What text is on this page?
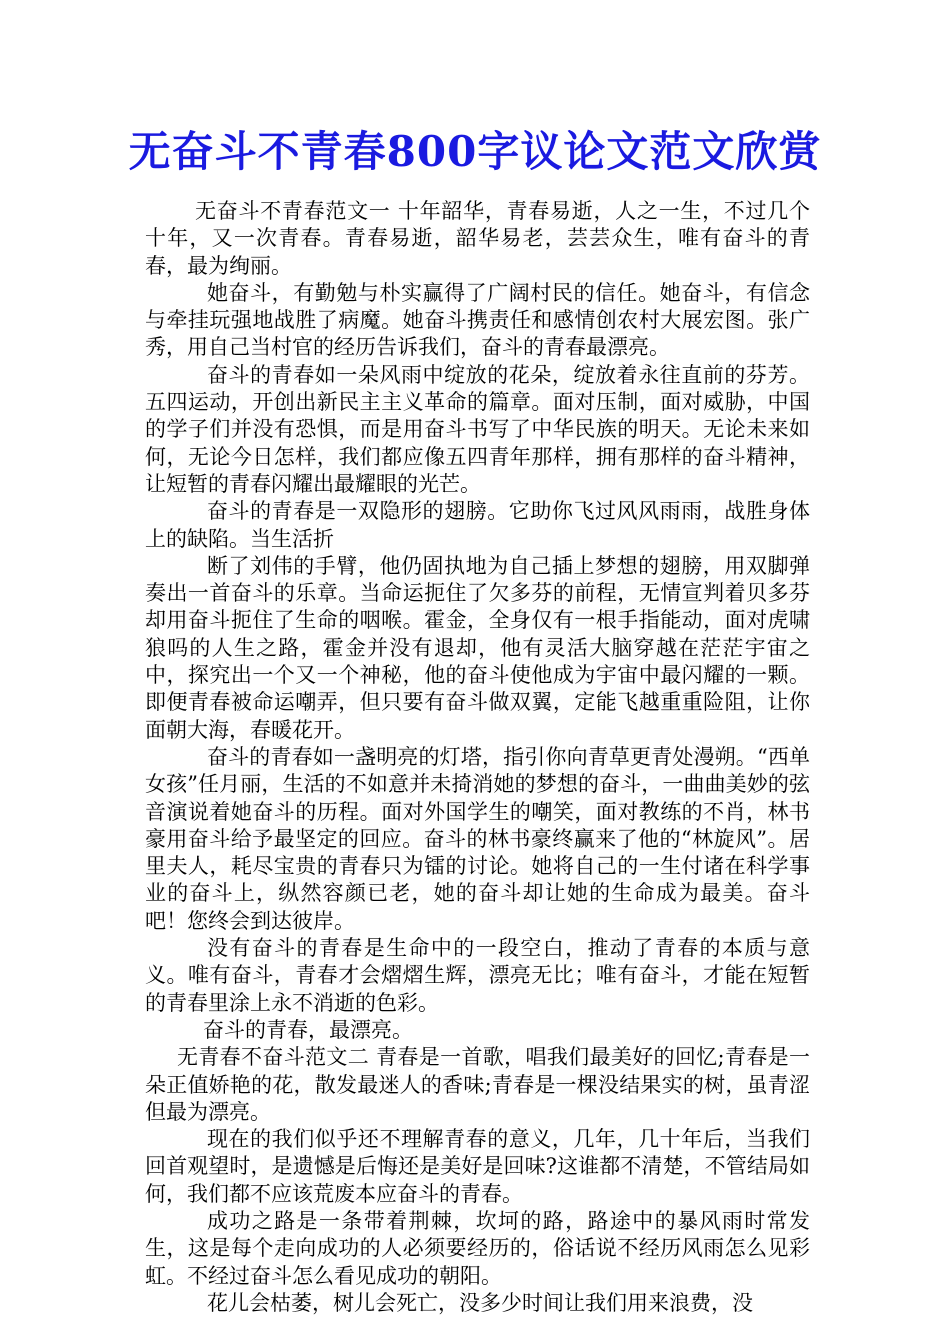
无奋斗不青春800字议论文范文欣赏

无奋斗不青春范文一 十年韶华，青春易逝，人之一生，不过几个十年，又一次青春。青春易逝，韶华易老，芸芸众生，唯有奋斗的青春，最为绚丽。

她奋斗，有勤勉与朴实赢得了广阔村民的信任。她奋斗，有信念与牵挂玩强地战胜了病魔。她奋斗携责任和感情创农村大展宏图。张广秀，用自己当村官的经历告诉我们，奋斗的青春最漂亮。

奋斗的青春如一朵风雨中绽放的花朵，绽放着永往直前的芬芳。五四运动，开创出新民主主义革命的篇章。面对压制，面对威胁，中国的学子们并没有恐惧，而是用奋斗书写了中华民族的明天。无论未来如何，无论今日怎样，我们都应像五四青年那样，拥有那样的奋斗精神，让短暂的青春闪耀出最耀眼的光芒。

奋斗的青春是一双隐形的翅膀。它助你飞过风风雨雨，战胜身体上的缺陷。当生活折

断了刘伟的手臂，他仍固执地为自己插上梦想的翅膀，用双脚弹奏出一首奋斗的乐章。当命运扼住了欠多芬的前程，无情宣判着贝多芬却用奋斗扼住了生命的咽喉。霍金，全身仅有一根手指能动，面对虎啸狼吗的人生之路，霍金并没有退却，他有灵活大脑穿越在茫茫宇宙之中，探究出一个又一个神秘，他的奋斗使他成为宇宙中最闪耀的一颗。即便青春被命运嘲弄，但只要有奋斗做双翼，定能飞越重重险阻，让你面朝大海，春暖花开。

奋斗的青春如一盏明亮的灯塔，指引你向青草更青处漫朔。“西单女孩”任月丽，生活的不如意并未掎消她的梦想的奋斗，一曲曲美妙的弦音演说着她奋斗的历程。面对外国学生的嘲笑，面对教练的不肖，林书豪用奋斗给予最坚定的回应。奋斗的林书豪终赢来了他的“林旋风”。居里夫人，耗尽宝贵的青春只为镭的讨论。她将自己的一生付诸在科学事业的奋斗上，纵然容颜已老，她的奋斗却让她的生命成为最美。奋斗吧！您终会到达彼岸。

没有奋斗的青春是生命中的一段空白，推动了青春的本质与意义。唯有奋斗，青春才会熠熠生辉，漂亮无比；唯有奋斗，才能在短暂的青春里涂上永不消逝的色彩。

奋斗的青春，最漂亮。

无青春不奋斗范文二 青春是一首歌，唱我们最美好的回忆;青春是一朵正值娇艳的花，散发最迷人的香味;青春是一棵没结果实的树，虽青涩但最为漂亮。

现在的我们似乎还不理解青春的意义，几年，几十年后，当我们回首观望时，是遗憾是后悔还是美好是回味?这谁都不清楚，不管结局如何，我们都不应该荒废本应奋斗的青春。

成功之路是一条带着荆棘，坎坷的路，路途中的暴风雨时常发生，这是每个走向成功的人必须要经历的，俗话说不经历风雨怎么见彩虹。不经过奋斗怎么看见成功的朝阳。

花儿会枯萎，树儿会死亡，没多少时间让我们用来浪费，没
